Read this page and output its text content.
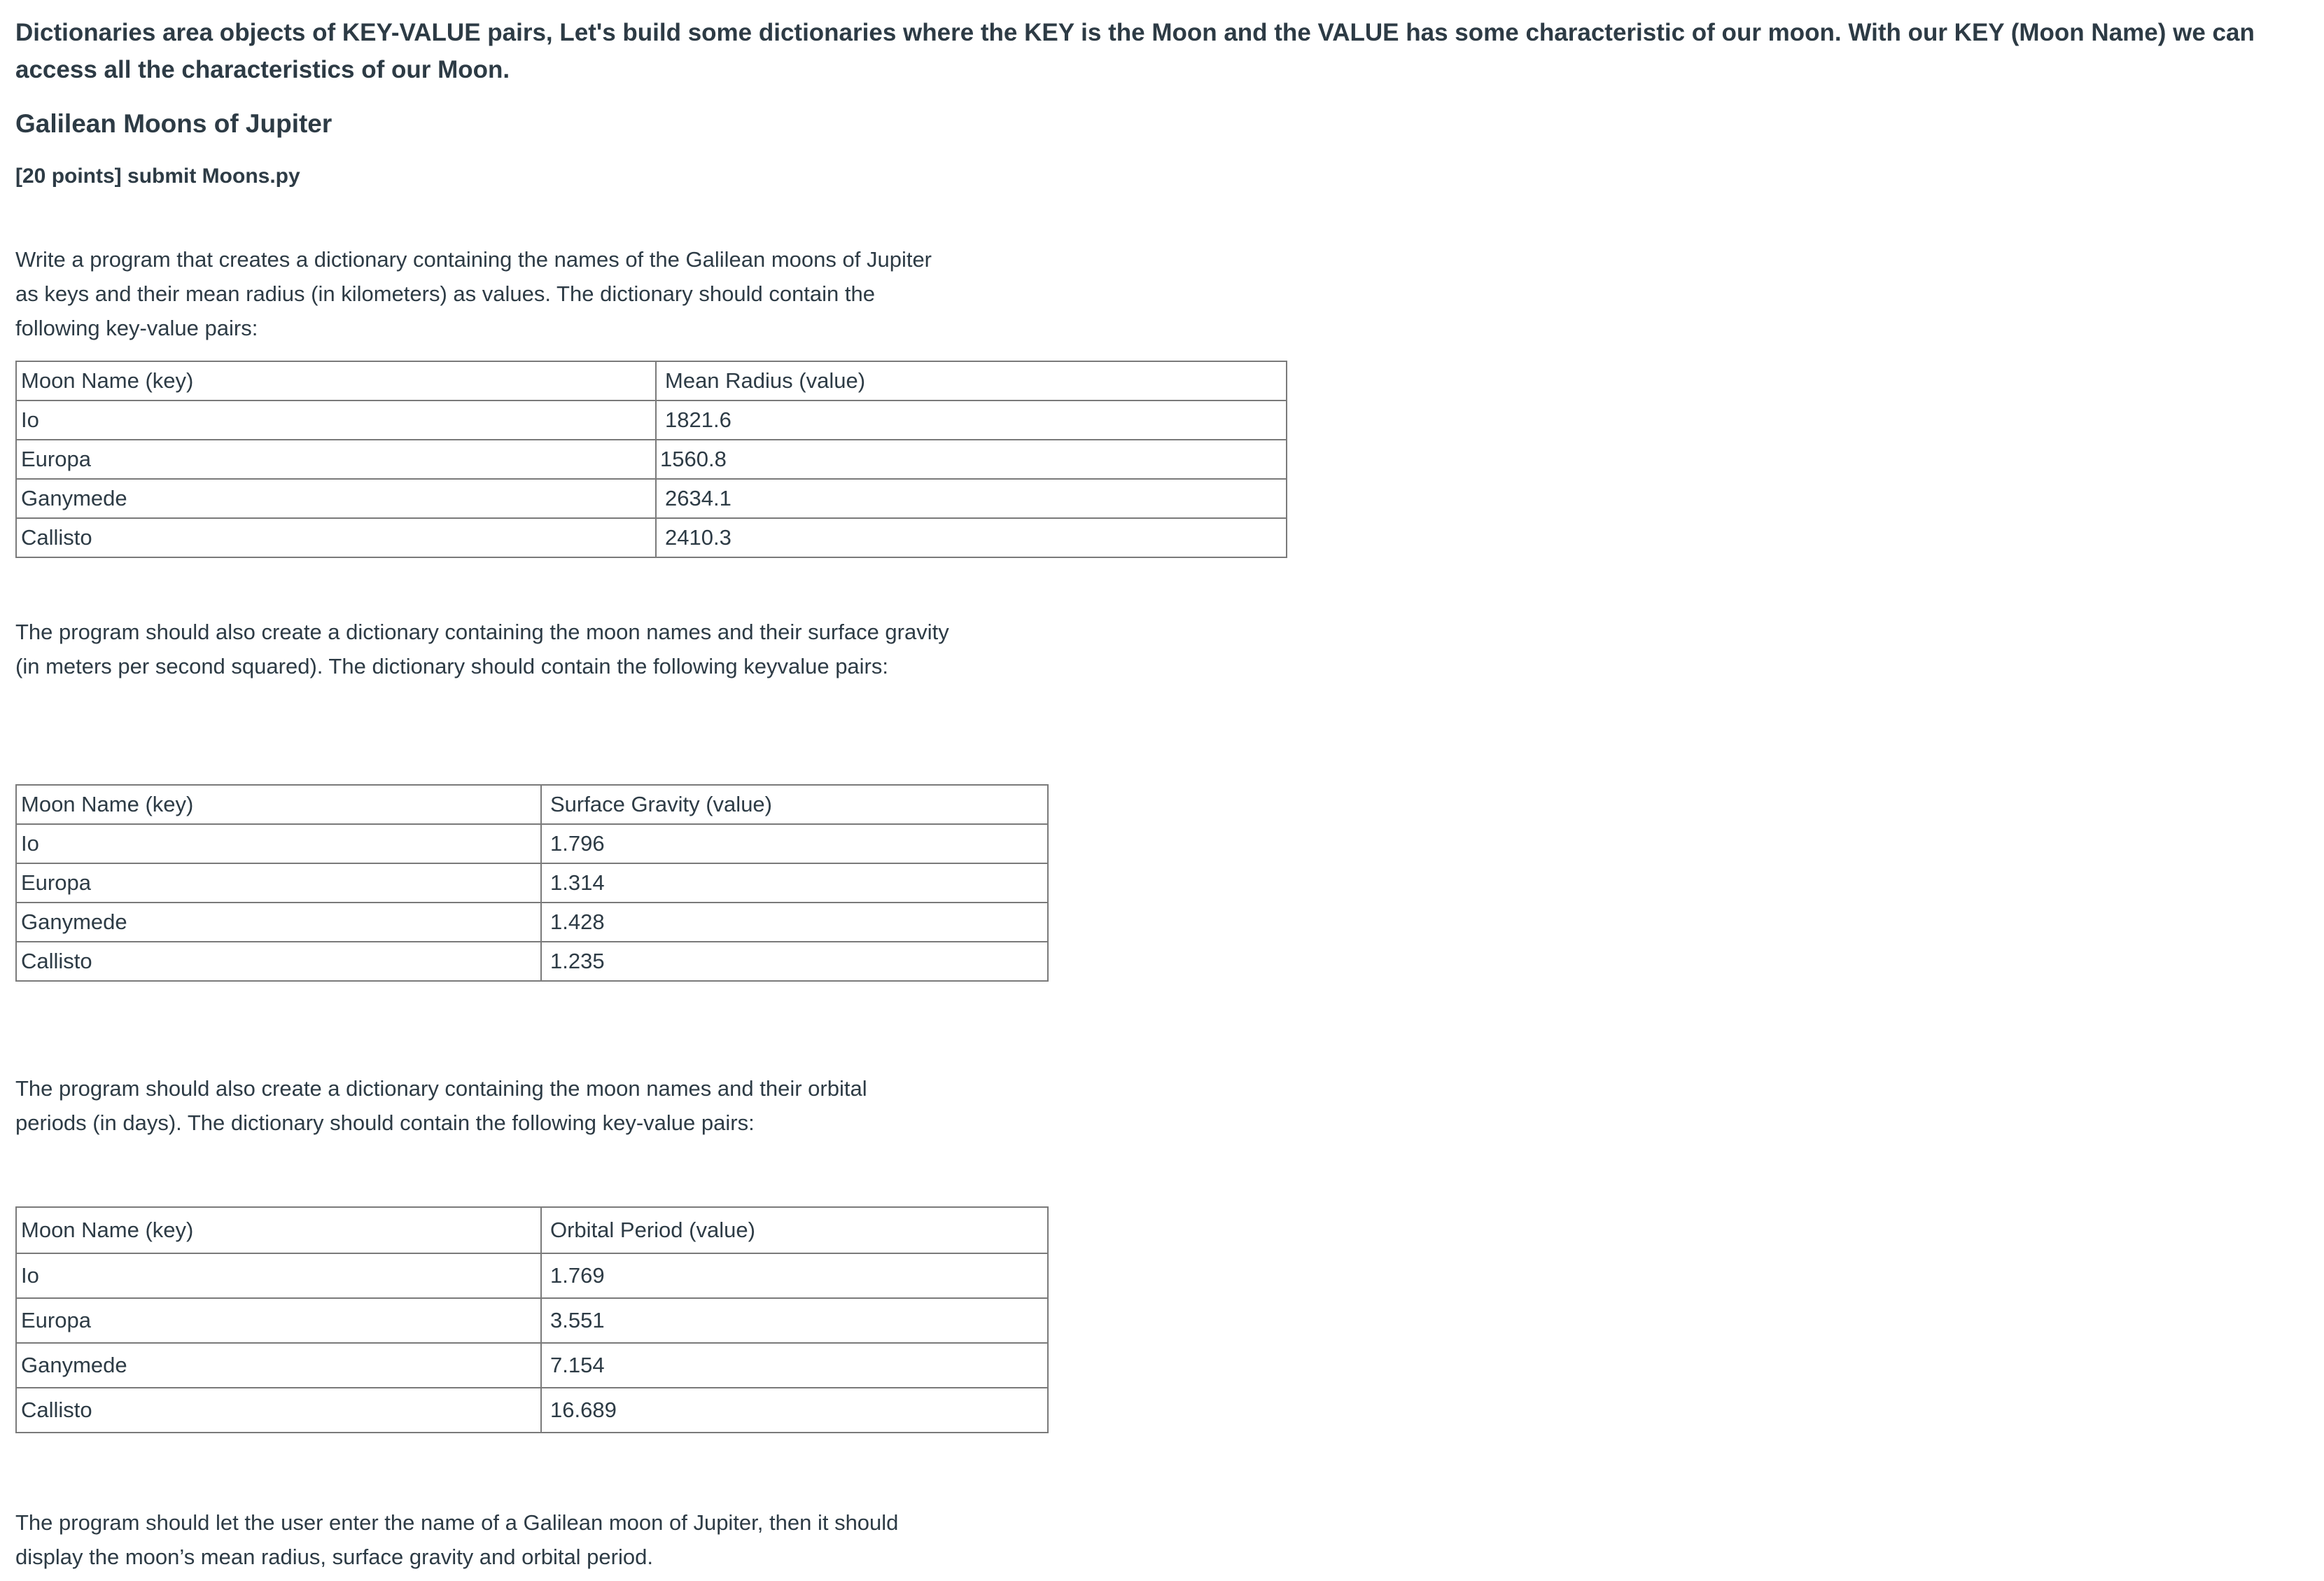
Dictionaries area objects of KEY-VALUE pairs, Let's build some dictionaries where the KEY is the Moon and the VALUE has some characteristic of our moon. With our KEY (Moon Name) we can access all the characteristics of our Moon.

Galilean Moons of Jupiter
[20 points] submit Moons.py

Write a program that creates a dictionary containing the names of the Galilean moons of Jupiter as keys and their mean radius (in kilometers) as values. The dictionary should contain the following key-value pairs:

Moon Name (key)	Mean Radius (value)
Io	1821.6
Europa	1560.8
Ganymede	2634.1
Callisto	2410.3

The program should also create a dictionary containing the moon names and their surface gravity (in meters per second squared). The dictionary should contain the following keyvalue pairs:

Moon Name (key)	Surface Gravity (value)
Io	1.796
Europa	1.314
Ganymede	1.428
Callisto	1.235

The program should also create a dictionary containing the moon names and their orbital periods (in days). The dictionary should contain the following key-value pairs:

Moon Name (key)	Orbital Period (value)
Io	1.769
Europa	3.551
Ganymede	7.154
Callisto	16.689

The program should let the user enter the name of a Galilean moon of Jupiter, then it should display the moon’s mean radius, surface gravity and orbital period.
